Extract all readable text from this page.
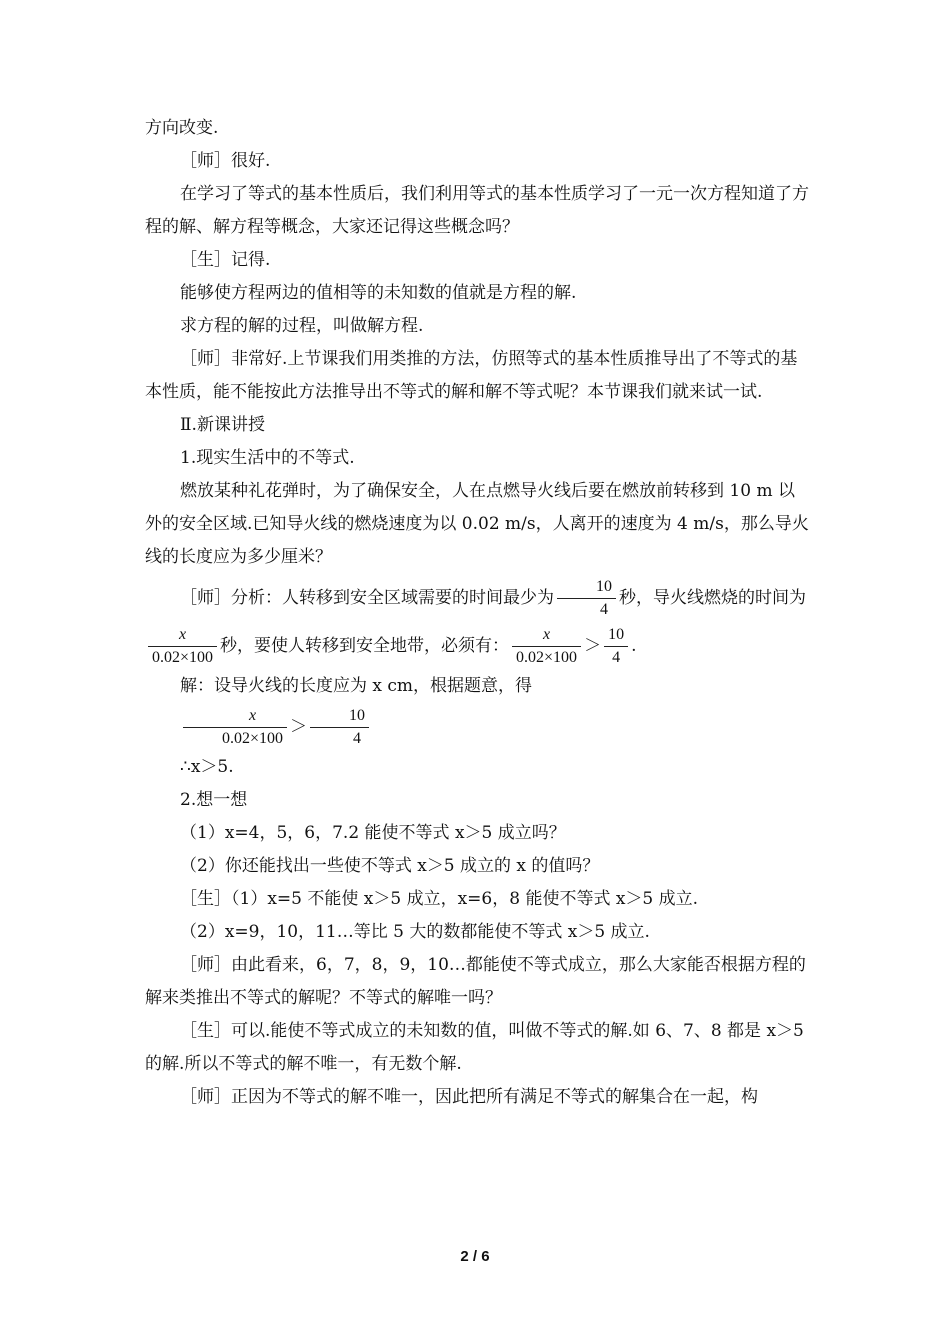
方向改变.

［师］很好.

在学习了等式的基本性质后，我们利用等式的基本性质学习了一元一次方程知道了方程的解、解方程等概念，大家还记得这些概念吗？

［生］记得.

能够使方程两边的值相等的未知数的值就是方程的解.

求方程的解的过程，叫做解方程.

［师］非常好.上节课我们用类推的方法，仿照等式的基本性质推导出了不等式的基本性质，能不能按此方法推导出不等式的解和解不等式呢？本节课我们就来试一试.

Ⅱ.新课讲授

1.现实生活中的不等式.

燃放某种礼花弹时，为了确保安全，人在点燃导火线后要在燃放前转移到 10 m 以外的安全区域.已知导火线的燃烧速度为以 0.02 m/s，人离开的速度为 4 m/s，那么导火线的长度应为多少厘米？

［师］分析：人转移到安全区域需要的时间最少为 $\frac{10}{4}$ 秒，导火线燃烧的时间为

$\frac{x}{0.02\times 100}$ 秒，要使人转移到安全地带，必须有： $\frac{x}{0.02\times 100} > \frac{10}{4}$ .

解：设导火线的长度应为 x cm，根据题意，得

$\frac{x}{0.02\times 100} > \frac{10}{4}$

∴x＞5.

2.想一想

（1）x=4，5，6，7.2 能使不等式 x＞5 成立吗？

（2）你还能找出一些使不等式 x＞5 成立的 x 的值吗？

［生］（1）x=5 不能使 x＞5 成立，x=6，8 能使不等式 x＞5 成立.

（2）x=9，10，11…等比 5 大的数都能使不等式 x＞5 成立.

［师］由此看来，6，7，8，9，10…都能使不等式成立，那么大家能否根据方程的解来类推出不等式的解呢？不等式的解唯一吗？

［生］可以.能使不等式成立的未知数的值，叫做不等式的解.如 6、7、8 都是 x＞5 的解.所以不等式的解不唯一，有无数个解.

［师］正因为不等式的解不唯一，因此把所有满足不等式的解集合在一起，构

2 / 6
